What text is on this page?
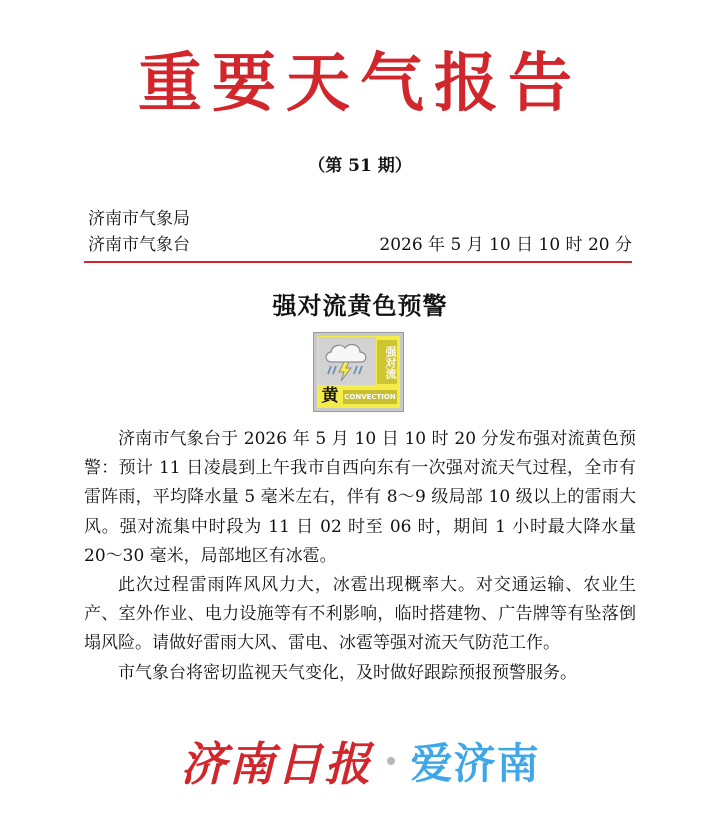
重要天气报告
（第 51 期）
济南市气象局
济南市气象台	2026 年 5 月 10 日 10 时 20 分
强对流黄色预警
强对流
黄 CONVECTION

济南市气象台于 2026 年 5 月 10 日 10 时 20 分发布强对流黄色预警：预计 11 日凌晨到上午我市自西向东有一次强对流天气过程，全市有雷阵雨，平均降水量 5 毫米左右，伴有 8～9 级局部 10 级以上的雷雨大风。强对流集中时段为 11 日 02 时至 06 时，期间 1 小时最大降水量 20～30 毫米，局部地区有冰雹。

此次过程雷雨阵风风力大，冰雹出现概率大。对交通运输、农业生产、室外作业、电力设施等有不利影响，临时搭建物、广告牌等有坠落倒塌风险。请做好雷雨大风、雷电、冰雹等强对流天气防范工作。

市气象台将密切监视天气变化，及时做好跟踪预报预警服务。

济南日报 爱济南
